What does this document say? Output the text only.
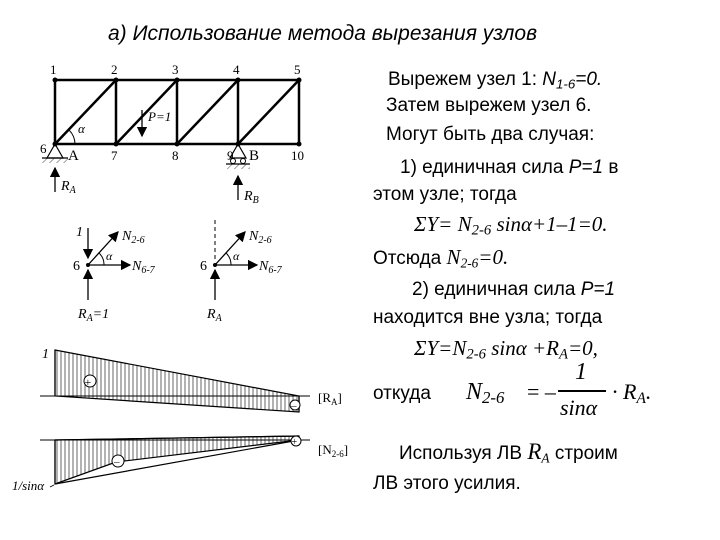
а) Использование метода вырезания узлов
α
1	2	3	4	5
6	7	8	9	10
P=1
A
$R_A$
B
$R_B$
1	$N_{2-6}$
$N_{6-7}$
6
α
$R_A=1$
$N_{2-6}$
$N_{6-7}$
6
α
$R_A$
1
+
–
$[R_A]$
–
+ $[N_{2-6}]$
1/sinα
Вырежем узел 1: $N_{1-6}=0$.
Затем вырежем узел 6.
Могут быть два случая:
1) единичная сила P=1 в
этом узле; тогда
$\Sigma Y= N_{2-6}$ sinα+1–1=0.
Отсюда $N_{2-6}=0$.
2) единичная сила P=1
находится вне узла; тогда
$\Sigma Y=N_{2-6}$ $\sin\alpha +R_A=0$,
откуда $N_{2-6}$ = –
1
sinα
· $R_A$.
Используя ЛВ $R_A$ строим
ЛВ этого усилия.
